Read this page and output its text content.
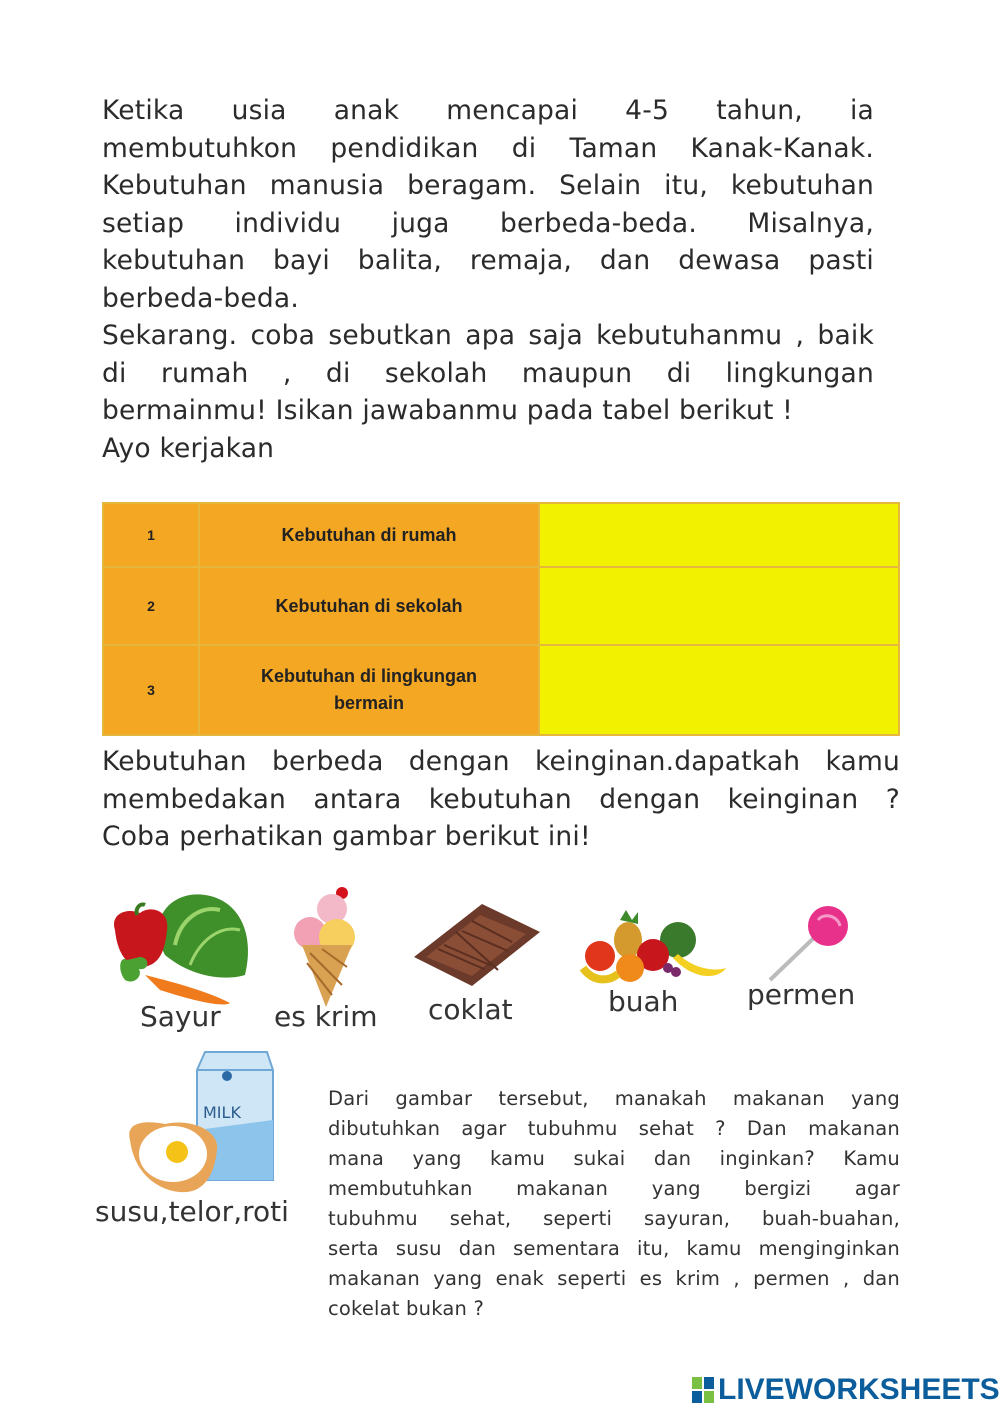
Ketika usia anak mencapai 4-5 tahun, ia

membutuhkon pendidikan di Taman Kanak-Kanak.

Kebutuhan manusia beragam. Selain itu, kebutuhan

setiap individu juga berbeda-beda. Misalnya,

kebutuhan bayi balita, remaja, dan dewasa pasti

berbeda-beda.

Sekarang. coba sebutkan apa saja kebutuhanmu , baik

di rumah , di sekolah maupun di lingkungan

bermainmu! Isikan jawabanmu pada tabel berikut !

Ayo kerjakan

1	Kebutuhan di rumah	
2	Kebutuhan di sekolah	
3	Kebutuhan di lingkungan bermain	

Kebutuhan berbeda dengan keinginan.dapatkah kamu

membedakan antara kebutuhan dengan keinginan ?

Coba perhatikan gambar berikut ini!

Sayur es krim coklat	buah permen
MILK
susu,telor,roti

Dari gambar tersebut, manakah makanan yang

dibutuhkan agar tubuhmu sehat ? Dan makanan

mana yang kamu sukai dan inginkan? Kamu

membutuhkan makanan yang bergizi agar

tubuhmu sehat, seperti sayuran, buah-buahan,

serta susu dan sementara itu, kamu menginginkan

makanan yang enak seperti es krim , permen , dan

cokelat bukan ?

LIVEWORKSHEETS
